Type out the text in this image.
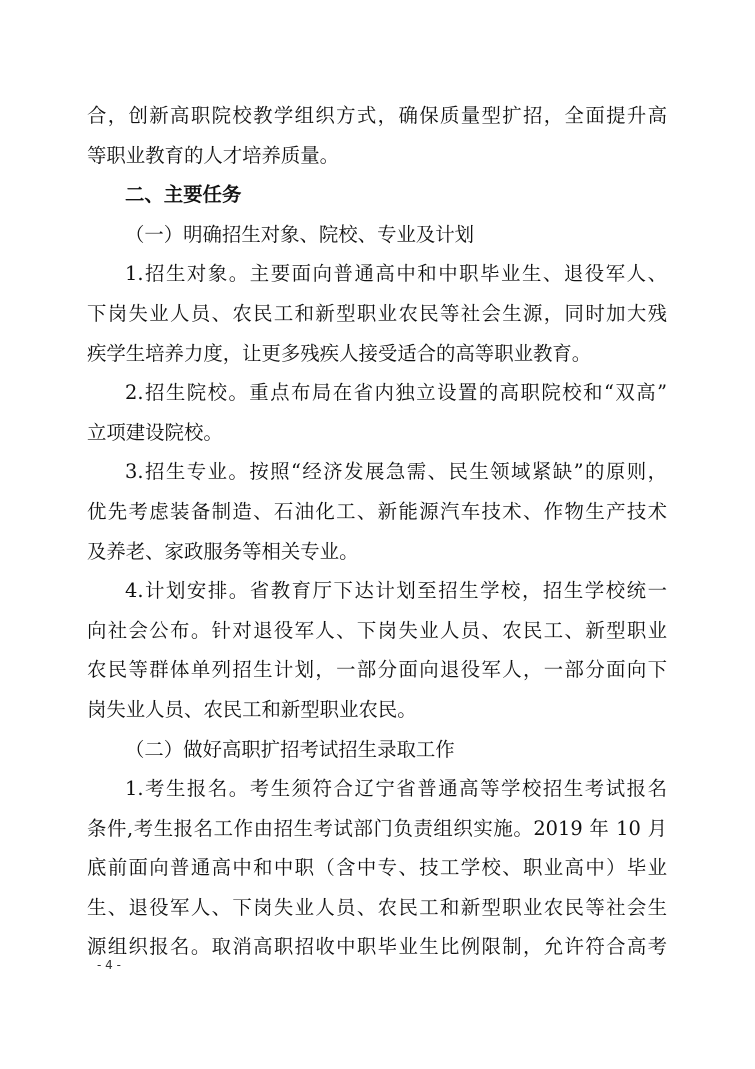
合，创新高职院校教学组织方式，确保质量型扩招，全面提升高
等职业教育的人才培养质量。
二、主要任务
（一）明确招生对象、院校、专业及计划
1.招生对象。主要面向普通高中和中职毕业生、退役军人、
下岗失业人员、农民工和新型职业农民等社会生源，同时加大残
疾学生培养力度，让更多残疾人接受适合的高等职业教育。
2.招生院校。重点布局在省内独立设置的高职院校和“双高”
立项建设院校。
3.招生专业。按照“经济发展急需、民生领域紧缺”的原则，
优先考虑装备制造、石油化工、新能源汽车技术、作物生产技术
及养老、家政服务等相关专业。
4.计划安排。省教育厅下达计划至招生学校，招生学校统一
向社会公布。针对退役军人、下岗失业人员、农民工、新型职业
农民等群体单列招生计划，一部分面向退役军人，一部分面向下
岗失业人员、农民工和新型职业农民。
（二）做好高职扩招考试招生录取工作
1.考生报名。考生须符合辽宁省普通高等学校招生考试报名
条件,考生报名工作由招生考试部门负责组织实施。2019 年 10 月
底前面向普通高中和中职（含中专、技工学校、职业高中）毕业
生、退役军人、下岗失业人员、农民工和新型职业农民等社会生
源组织报名。取消高职招收中职毕业生比例限制，允许符合高考
- 4 -
